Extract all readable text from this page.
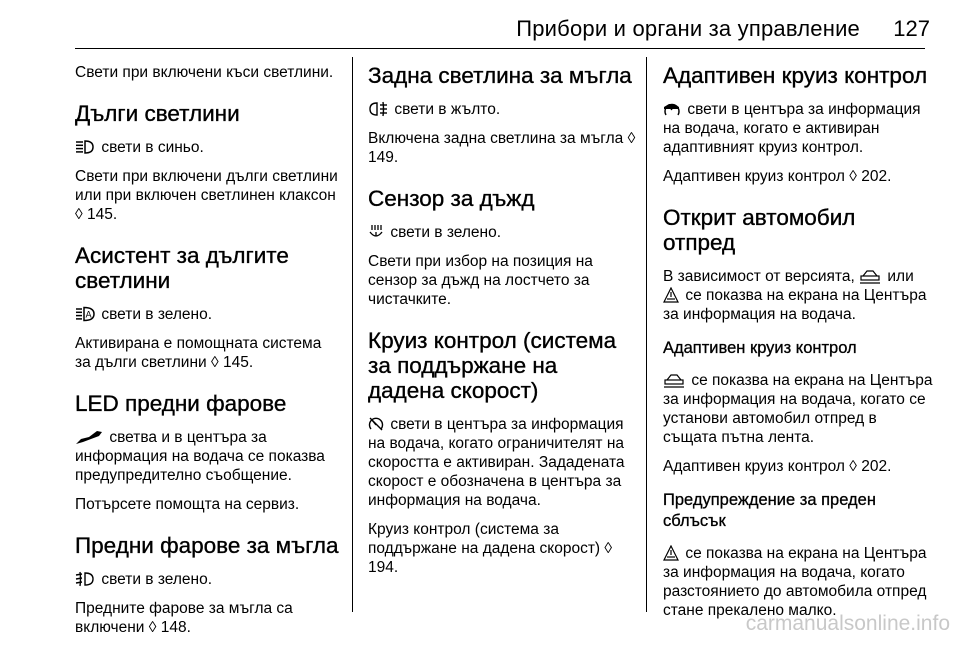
Прибори и органи за управление	127

Свети при включени къси светлини.

Дълги светлини

свети в синьо.

Свети при включени дълги светлини или при включен светлинен клаксон ◊ 145.

Асистент за дългите светлини

A свети в зелено.

Активирана е помощната система за дълги светлини ◊ 145.

LED предни фарове

светва и в центъра за информация на водача се показва предупредително съобщение.

Потърсете помощта на сервиз.

Предни фарове за мъгла

свети в зелено.

Предните фарове за мъгла са включени ◊ 148.

Задна светлина за мъгла

свети в жълто.

Включена задна светлина за мъгла ◊ 149.

Сензор за дъжд

свети в зелено.

Свети при избор на позиция на сензор за дъжд на лостчето за чистачките.

Круиз контрол (система за поддържане на дадена скорост)

свети в центъра за информация на водача, когато ограничителят на скоростта е активиран. Зададената скорост е обозначена в центъра за информация на водача.

Круиз контрол (система за поддържане на дадена скорост) ◊ 194.

Адаптивен круиз контрол

свети в центъра за информация на водача, когато е активиран адаптивният круиз контрол.

Адаптивен круиз контрол ◊ 202.

Открит автомобил отпред

В зависимост от версията, или

се показва на екрана на Центъра за информация на водача.

Адаптивен круиз контрол

се показва на екрана на Центъра за информация на водача, когато се установи автомобил отпред в същата пътна лента.

Адаптивен круиз контрол ◊ 202.

Предупреждение за преден сблъсък

се показва на екрана на Центъра за информация на водача, когато разстоянието до автомобила отпред стане прекалено малко.

carmanualsonline.info
